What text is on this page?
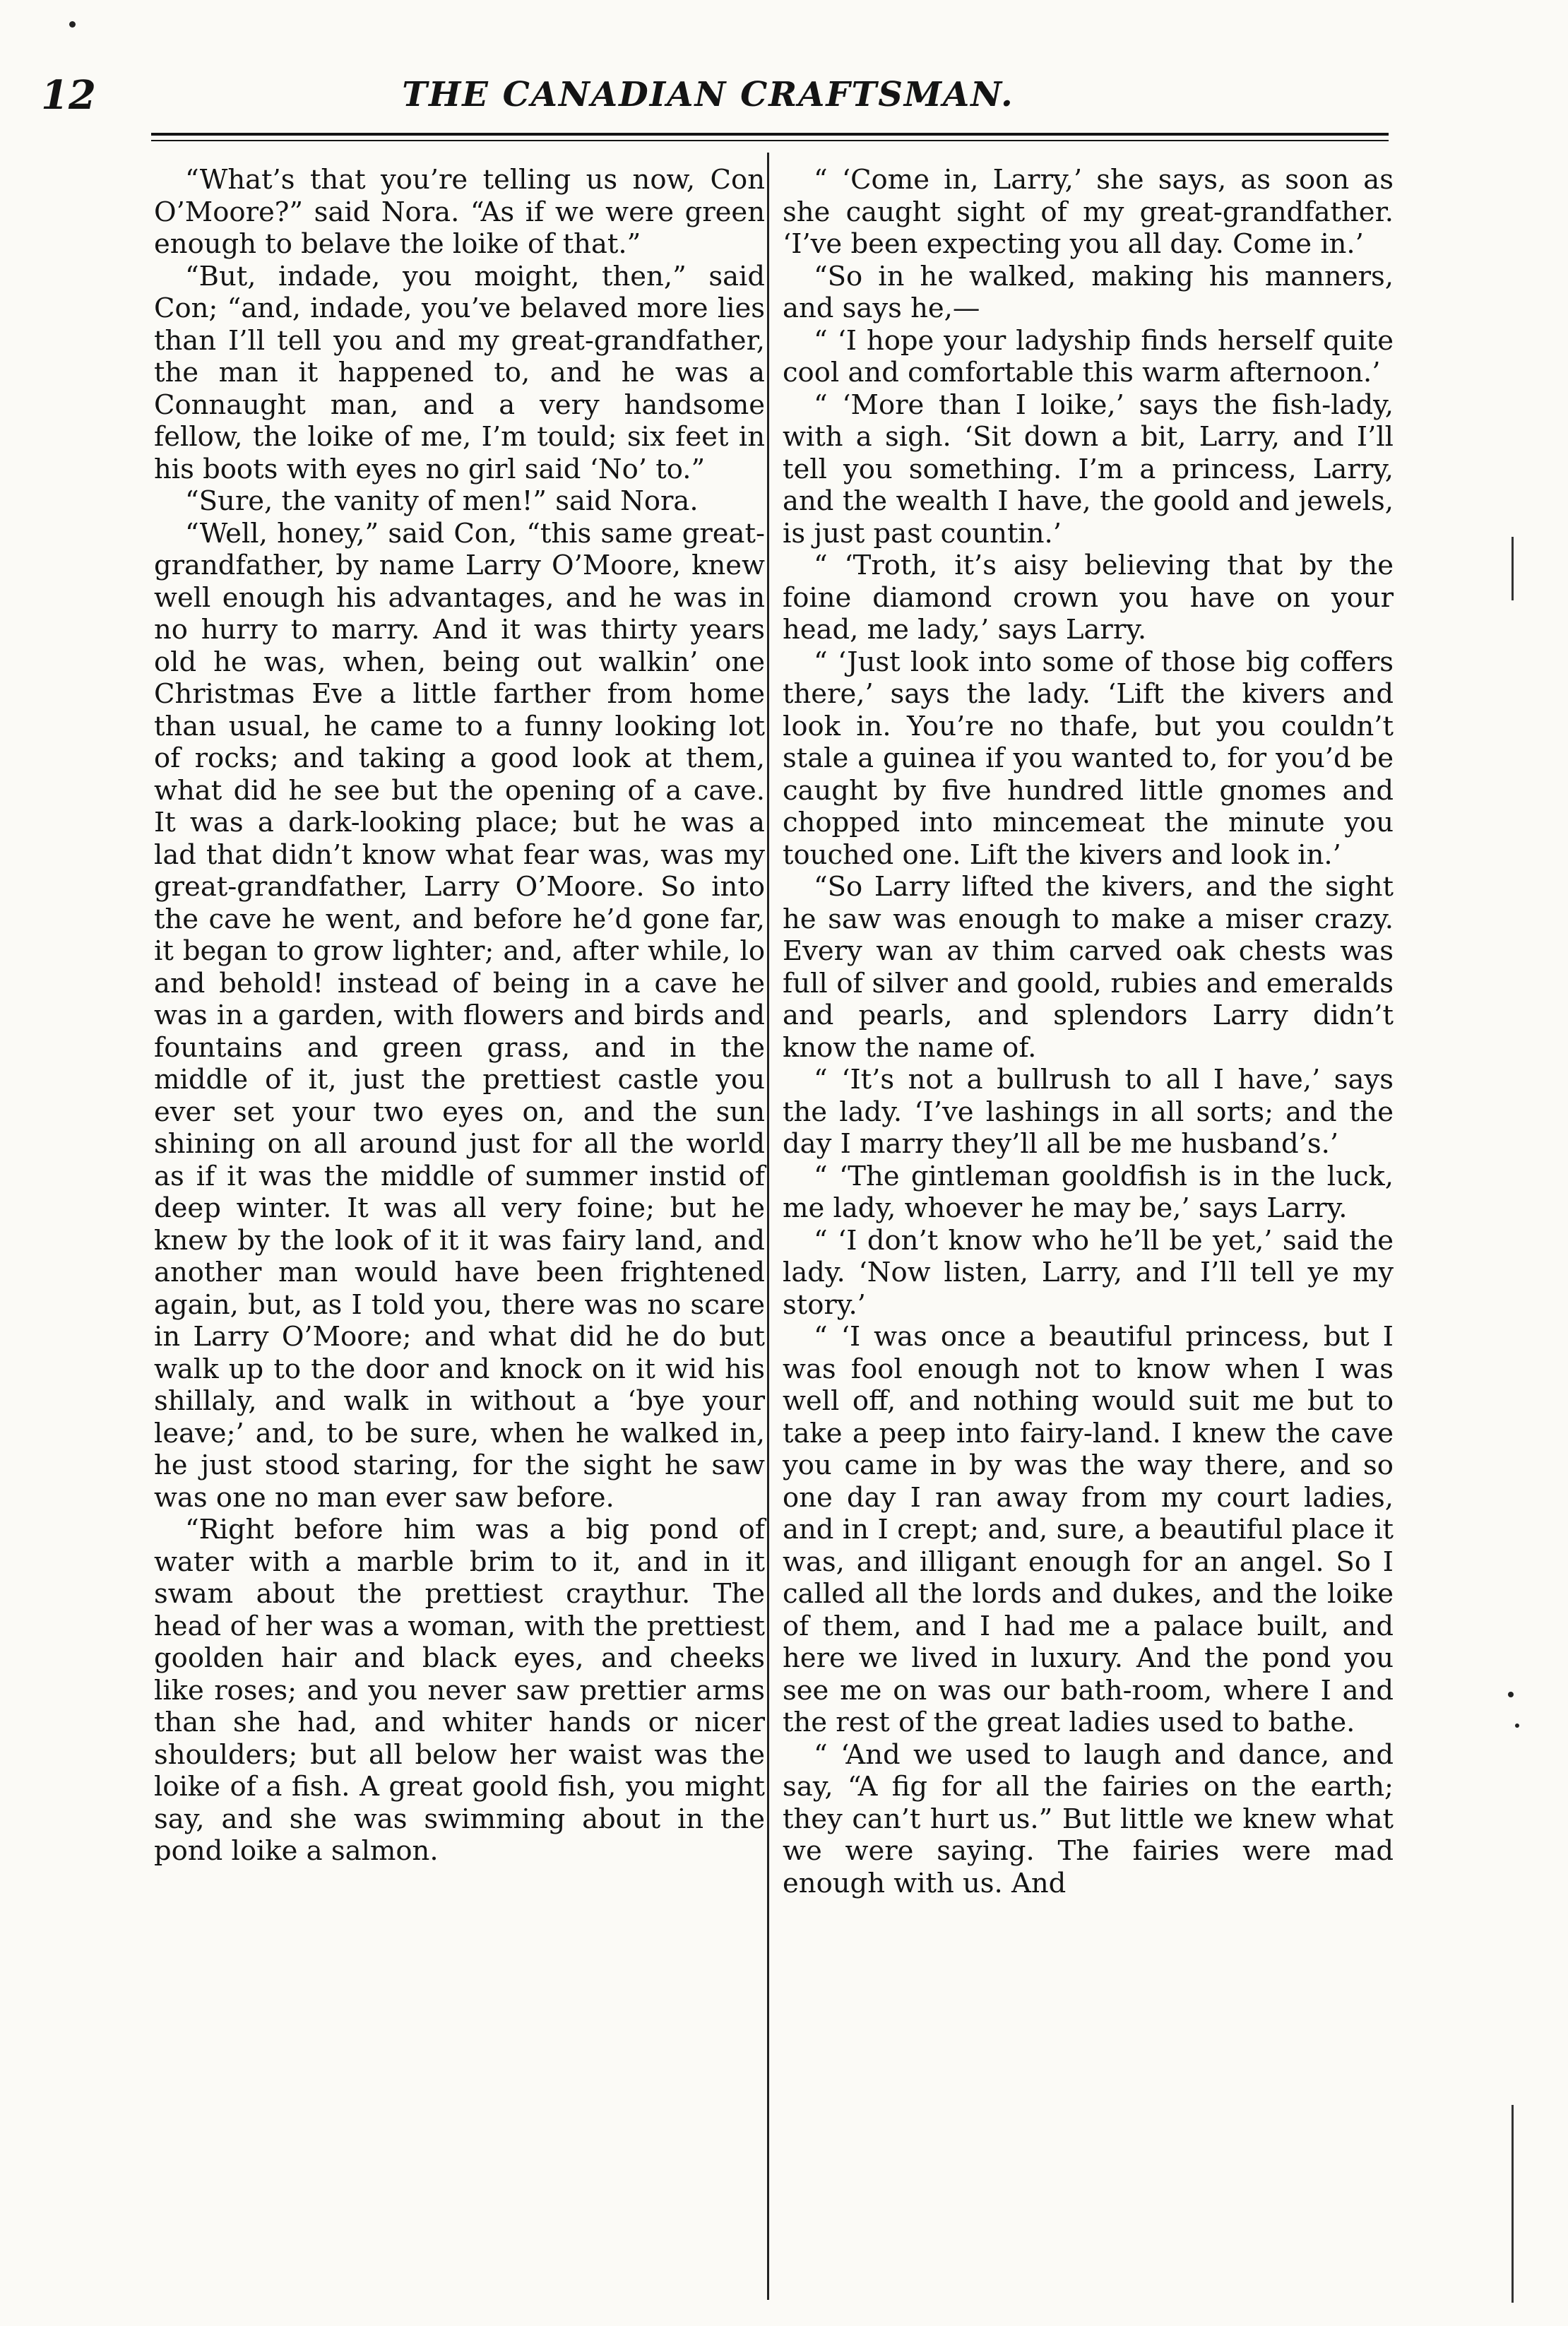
12	THE CANADIAN CRAFTSMAN.

“What’s that you’re telling us now, Con O’Moore?” said Nora. “As if we were green enough to belave the loike of that.”

“But, indade, you moight, then,” said Con; “and, indade, you’ve belaved more lies than I’ll tell you and my great-grandfather, the man it happened to, and he was a Connaught man, and a very handsome fellow, the loike of me, I’m tould; six feet in his boots with eyes no girl said ‘No’ to.”

“Sure, the vanity of men!” said Nora.

“Well, honey,” said Con, “this same great-grandfather, by name Larry O’Moore, knew well enough his advantages, and he was in no hurry to marry. And it was thirty years old he was, when, being out walkin’ one Christmas Eve a little farther from home than usual, he came to a funny looking lot of rocks; and taking a good look at them, what did he see but the opening of a cave. It was a dark-looking place; but he was a lad that didn’t know what fear was, was my great-grandfather, Larry O’Moore. So into the cave he went, and before he’d gone far, it began to grow lighter; and, after while, lo and behold! instead of being in a cave he was in a garden, with flowers and birds and fountains and green grass, and in the middle of it, just the prettiest castle you ever set your two eyes on, and the sun shining on all around just for all the world as if it was the middle of summer instid of deep winter. It was all very foine; but he knew by the look of it it was fairy land, and another man would have been frightened again, but, as I told you, there was no scare in Larry O’Moore; and what did he do but walk up to the door and knock on it wid his shillaly, and walk in without a ‘bye your leave;’ and, to be sure, when he walked in, he just stood staring, for the sight he saw was one no man ever saw before.

“Right before him was a big pond of water with a marble brim to it, and in it swam about the prettiest craythur. The head of her was a woman, with the prettiest goolden hair and black eyes, and cheeks like roses; and you never saw prettier arms than she had, and whiter hands or nicer shoulders; but all below her waist was the loike of a fish. A great goold fish, you might say, and she was swimming about in the pond loike a salmon.

“ ‘Come in, Larry,’ she says, as soon as she caught sight of my great-grandfather. ‘I’ve been expecting you all day. Come in.’

“So in he walked, making his manners, and says he,—

“ ‘I hope your ladyship finds herself quite cool and comfortable this warm afternoon.’

“ ‘More than I loike,’ says the fish-lady, with a sigh. ‘Sit down a bit, Larry, and I’ll tell you something. I’m a princess, Larry, and the wealth I have, the goold and jewels, is just past countin.’

“ ‘Troth, it’s aisy believing that by the foine diamond crown you have on your head, me lady,’ says Larry.

“ ‘Just look into some of those big coffers there,’ says the lady. ‘Lift the kivers and look in. You’re no thafe, but you couldn’t stale a guinea if you wanted to, for you’d be caught by five hundred little gnomes and chopped into mincemeat the minute you touched one. Lift the kivers and look in.’

“So Larry lifted the kivers, and the sight he saw was enough to make a miser crazy. Every wan av thim carved oak chests was full of silver and goold, rubies and emeralds and pearls, and splendors Larry didn’t know the name of.

“ ‘It’s not a bullrush to all I have,’ says the lady. ‘I’ve lashings in all sorts; and the day I marry they’ll all be me husband’s.’

“ ‘The gintleman gooldfish is in the luck, me lady, whoever he may be,’ says Larry.

“ ‘I don’t know who he’ll be yet,’ said the lady. ‘Now listen, Larry, and I’ll tell ye my story.’

“ ‘I was once a beautiful princess, but I was fool enough not to know when I was well off, and nothing would suit me but to take a peep into fairy-land. I knew the cave you came in by was the way there, and so one day I ran away from my court ladies, and in I crept; and, sure, a beautiful place it was, and illigant enough for an angel. So I called all the lords and dukes, and the loike of them, and I had me a palace built, and here we lived in luxury. And the pond you see me on was our bath-room, where I and the rest of the great ladies used to bathe.

“ ‘And we used to laugh and dance, and say, “A fig for all the fairies on the earth; they can’t hurt us.” But little we knew what we were saying. The fairies were mad enough with us. And
